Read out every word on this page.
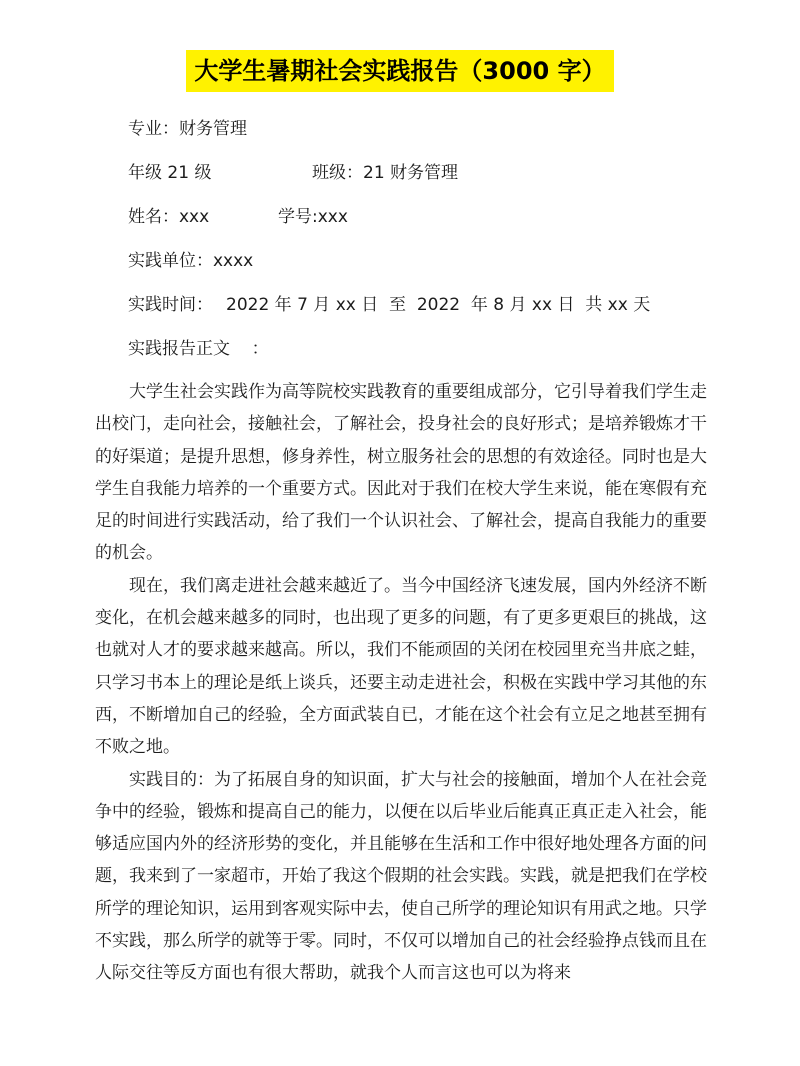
大学生暑期社会实践报告（3000 字）
专业：财务管理
年级 21 级	班级：21 财务管理
姓名：xxx	学号:xxx
实践单位：xxxx
实践时间： 2022 年 7 月 xx 日  至  2022  年 8 月 xx 日  共 xx 天
实践报告正文    ：

大学生社会实践作为高等院校实践教育的重要组成部分，它引导着我们学生走出校门，走向社会，接触社会，了解社会，投身社会的良好形式；是培养锻炼才干的好渠道；是提升思想，修身养性，树立服务社会的思想的有效途径。同时也是大学生自我能力培养的一个重要方式。因此对于我们在校大学生来说，能在寒假有充足的时间进行实践活动，给了我们一个认识社会、了解社会，提高自我能力的重要的机会。

现在，我们离走进社会越来越近了。当今中国经济飞速发展，国内外经济不断变化，在机会越来越多的同时，也出现了更多的问题，有了更多更艰巨的挑战，这也就对人才的要求越来越高。所以，我们不能顽固的关闭在校园里充当井底之蛙，只学习书本上的理论是纸上谈兵，还要主动走进社会，积极在实践中学习其他的东西，不断增加自己的经验，全方面武装自已，才能在这个社会有立足之地甚至拥有不败之地。

实践目的：为了拓展自身的知识面，扩大与社会的接触面，增加个人在社会竞争中的经验，锻炼和提高自己的能力，以便在以后毕业后能真正真正走入社会，能够适应国内外的经济形势的变化，并且能够在生活和工作中很好地处理各方面的问题，我来到了一家超市，开始了我这个假期的社会实践。实践，就是把我们在学校所学的理论知识，运用到客观实际中去，使自己所学的理论知识有用武之地。只学不实践，那么所学的就等于零。同时，不仅可以增加自己的社会经验挣点钱而且在人际交往等反方面也有很大帮助，就我个人而言这也可以为将来
